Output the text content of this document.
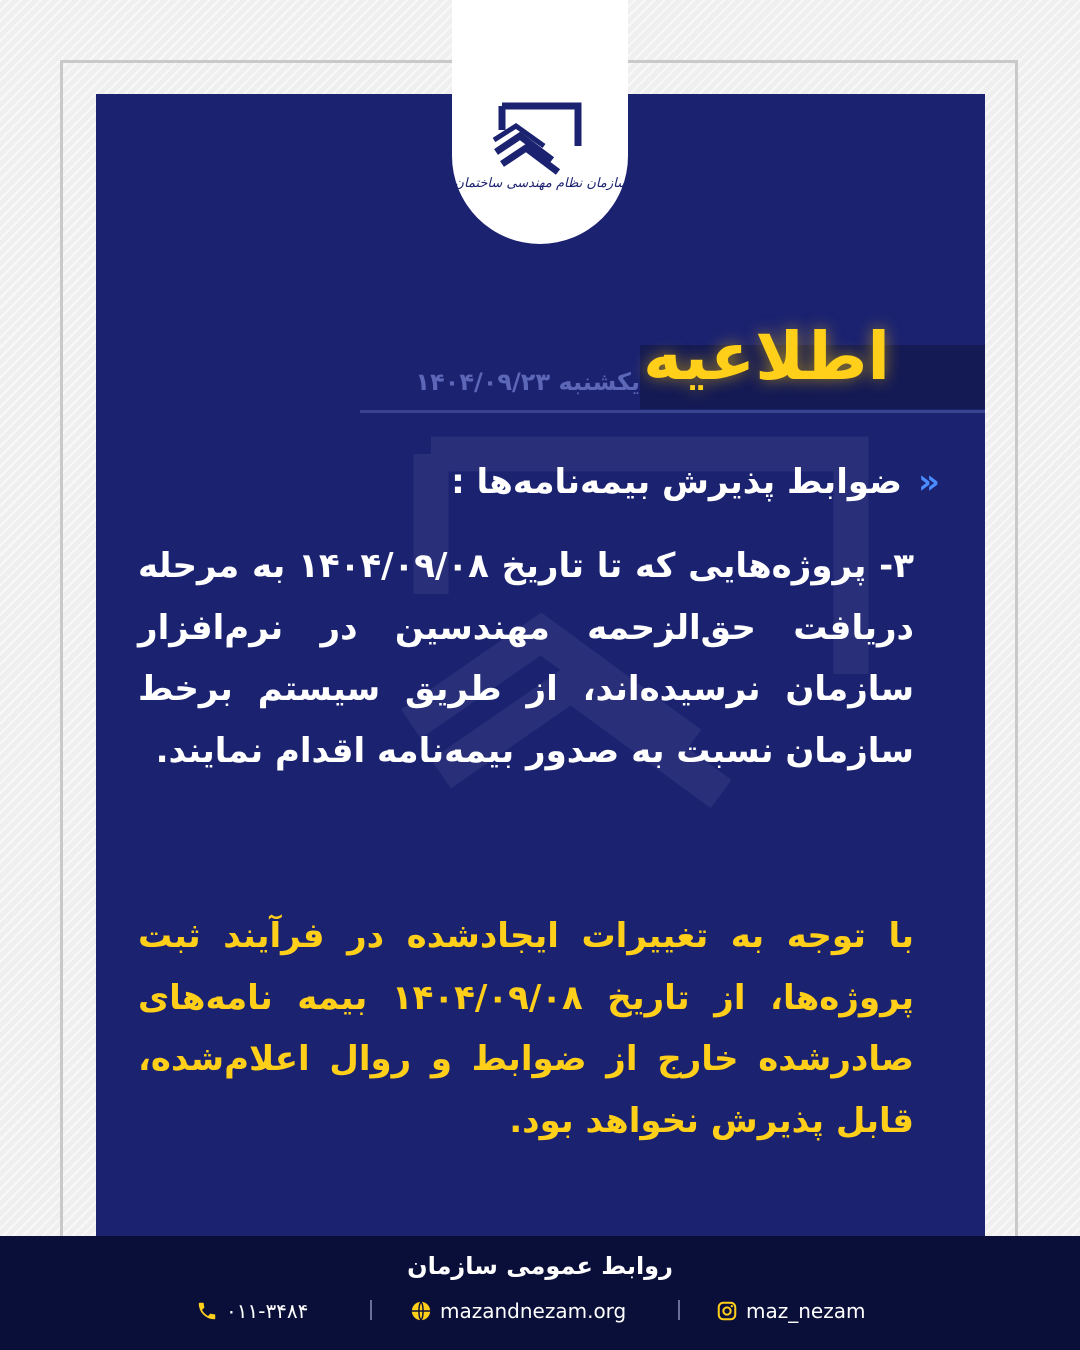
سازمان نظام مهندسی ساختمان مازندران
اطلاعیه
یکشنبه ۱۴۰۴/۰۹/۲۳
«
ضوابط پذیرش بیمه‌نامه‌ها :

۳- پروژه‌هایی که تا تاریخ ۱۴۰۴/۰۹/۰۸ به مرحله دریافت حق‌الزحمه مهندسین در نرم‌افزار سازمان نرسیده‌اند، از طریق سیستم برخط سازمان نسبت به صدور بیمه‌نامه اقدام نمایند.

با توجه به تغییرات ایجادشده در فرآیند ثبت پروژه‌ها، از تاریخ ۱۴۰۴/۰۹/۰۸ بیمه نامه‌های صادرشده خارج از ضوابط و روال اعلام‌شده، قابل پذیرش نخواهد بود.

روابط عمومی سازمان
۰۱۱-۳۴۸۴	mazandnezam.org	maz_nezam
